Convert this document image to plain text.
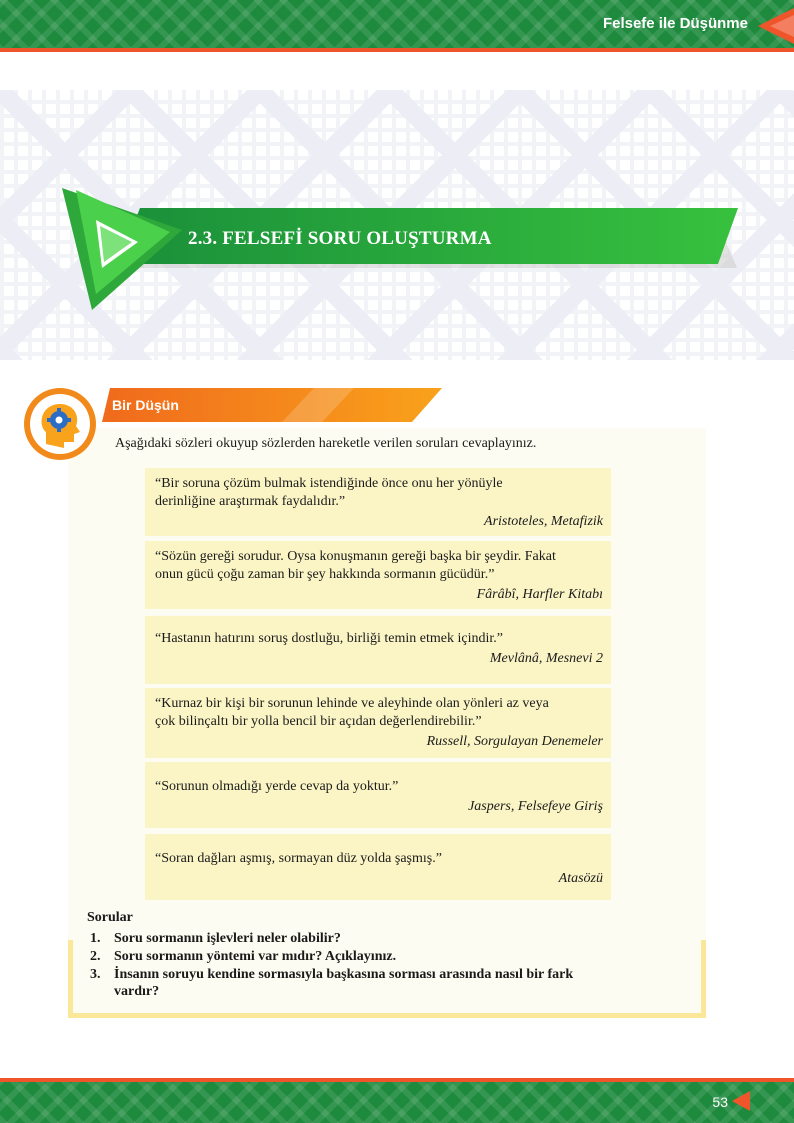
Felsefe ile Düşünme
2.3. FELSEFİ SORU OLUŞTURMA
Bir Düşün
Aşağıdaki sözleri okuyup sözlerden hareketle verilen soruları cevaplayınız.
“Bir soruna çözüm bulmak istendiğinde önce onu her yönüyle
derinliğine araştırmak faydalıdır.”
Aristoteles, Metafizik
“Sözün gereği sorudur. Oysa konuşmanın gereği başka bir şeydir. Fakat
onun gücü çoğu zaman bir şey hakkında sormanın gücüdür.”
Fârâbî, Harfler Kitabı
“Hastanın hatırını soruş dostluğu, birliği temin etmek içindir.”
Mevlânâ, Mesnevi 2
“Kurnaz bir kişi bir sorunun lehinde ve aleyhinde olan yönleri az veya
çok bilinçaltı bir yolla bencil bir açıdan değerlendirebilir.”
Russell, Sorgulayan Denemeler
“Sorunun olmadığı yerde cevap da yoktur.”
Jaspers, Felsefeye Giriş
“Soran dağları aşmış, sormayan düz yolda şaşmış.”
Atasözü
Sorular
1. Soru sormanın işlevleri neler olabilir?
2. Soru sormanın yöntemi var mıdır? Açıklayınız.
3. İnsanın soruyu kendine sormasıyla başkasına sorması arasında nasıl bir fark
vardır?
53
